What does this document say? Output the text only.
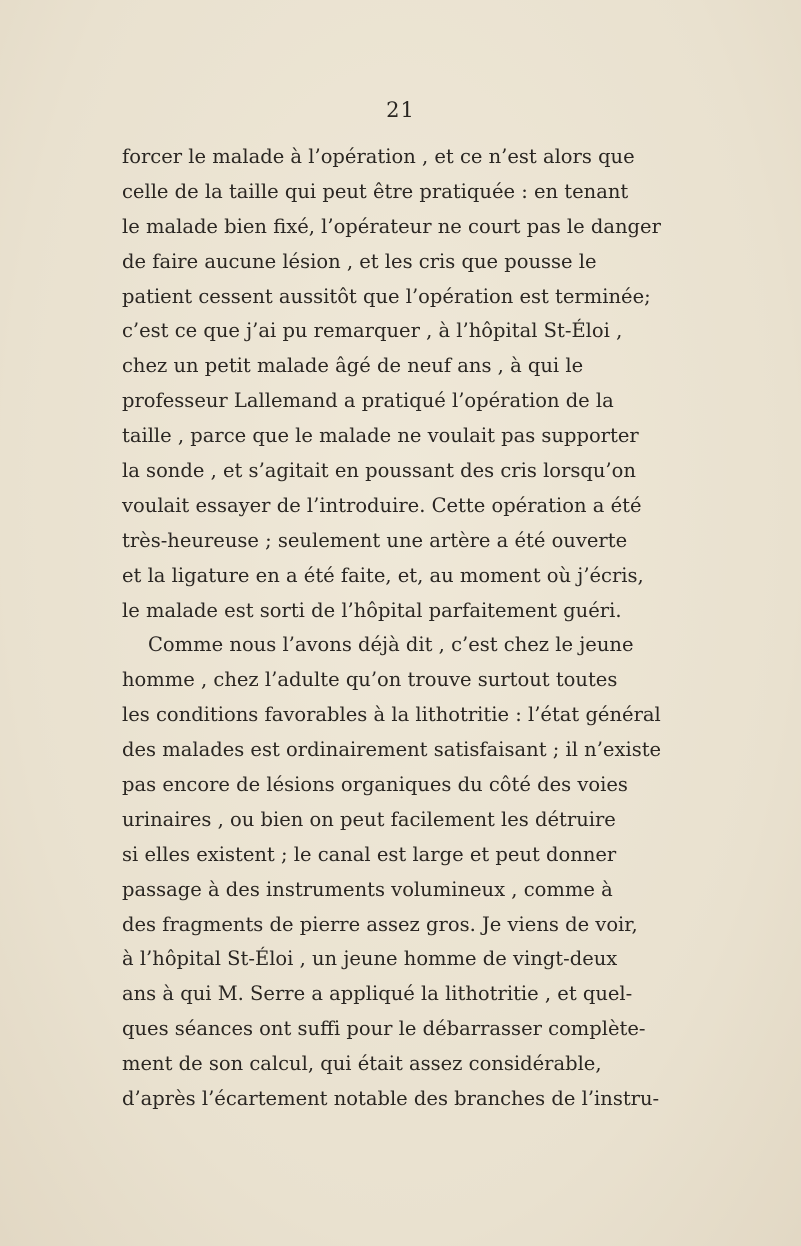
21
forcer le malade à l’opération , et ce n’est alors que
celle de la taille qui peut être pratiquée : en tenant
le malade bien fixé, l’opérateur ne court pas le danger
de faire aucune lésion , et les cris que pousse le
patient cessent aussitôt que l’opération est terminée;
c’est ce que j’ai pu remarquer , à l’hôpital St-Éloi ,
chez un petit malade âgé de neuf ans , à qui le
professeur Lallemand a pratiqué l’opération de la
taille , parce que le malade ne voulait pas supporter
la sonde , et s’agitait en poussant des cris lorsqu’on
voulait essayer de l’introduire. Cette opération a été
très-heureuse ; seulement une artère a été ouverte
et la ligature en a été faite, et, au moment où j’écris,
le malade est sorti de l’hôpital parfaitement guéri.
Comme nous l’avons déjà dit , c’est chez le jeune
homme , chez l’adulte qu’on trouve surtout toutes
les conditions favorables à la lithotritie : l’état général
des malades est ordinairement satisfaisant ; il n’existe
pas encore de lésions organiques du côté des voies
urinaires , ou bien on peut facilement les détruire
si elles existent ; le canal est large et peut donner
passage à des instruments volumineux , comme à
des fragments de pierre assez gros. Je viens de voir,
à l’hôpital St-Éloi , un jeune homme de vingt-deux
ans à qui M. Serre a appliqué la lithotritie , et quel-
ques séances ont suffi pour le débarrasser complète-
ment de son calcul, qui était assez considérable,
d’après l’écartement notable des branches de l’instru-
